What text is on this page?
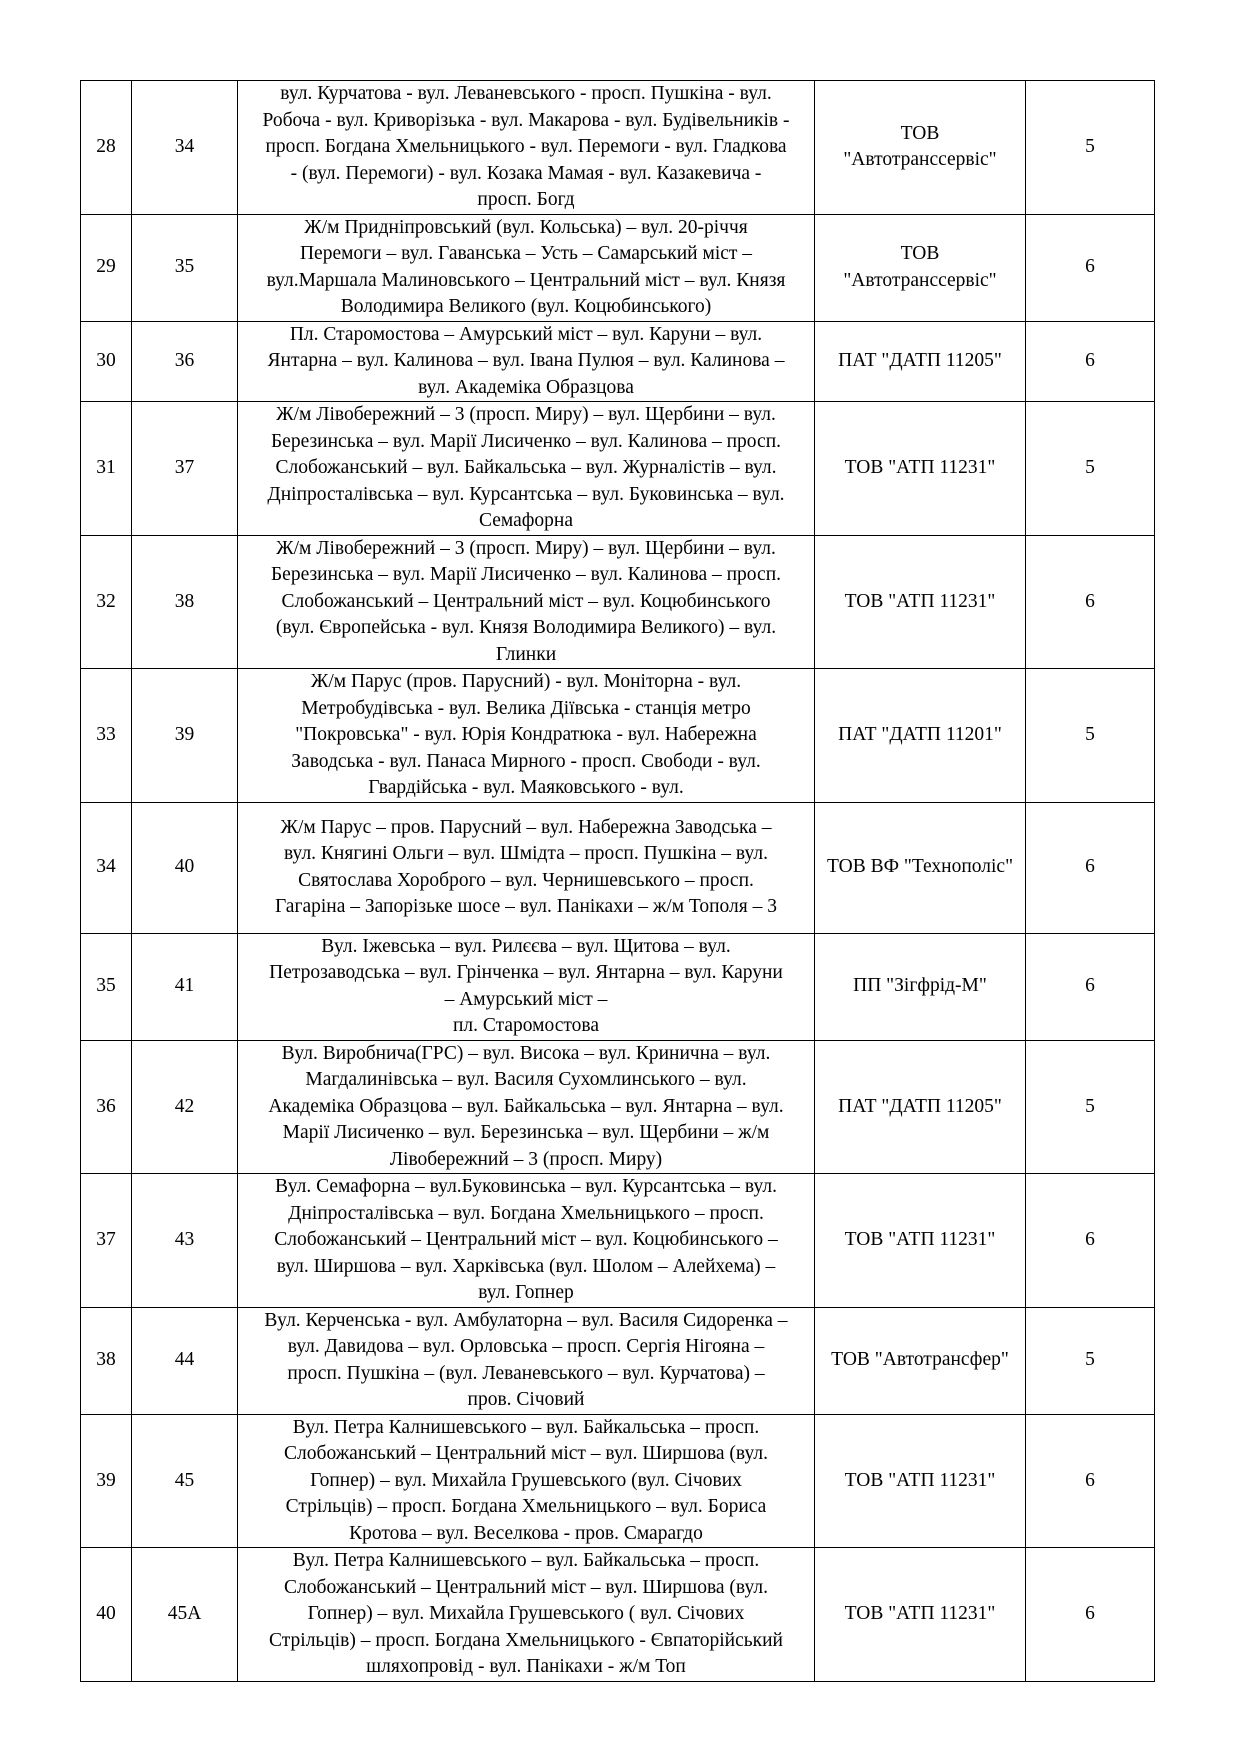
28	34	вул. Курчатова - вул. Леваневського - просп. Пушкіна - вул.
Робоча - вул. Криворізька - вул. Макарова - вул. Будівельників -
просп. Богдана Хмельницького - вул. Перемоги - вул. Гладкова
- (вул. Перемоги) - вул. Козака Мамая - вул. Казакевича -
просп. Богд	ТОВ
"Автотранссервіс"	5
29	35	Ж/м Придніпровський (вул. Кольська) – вул. 20-річчя
Перемоги – вул. Гаванська – Усть – Самарський міст –
вул.Маршала Малиновського – Центральний міст – вул. Князя
Володимира Великого (вул. Коцюбинського)	ТОВ
"Автотранссервіс"	6
30	36	Пл. Старомостова – Амурський міст – вул. Каруни – вул.
Янтарна – вул. Калинова – вул. Івана Пулюя – вул. Калинова –
вул. Академіка Образцова	ПАТ "ДАТП 11205"	6
31	37	Ж/м Лівобережний – 3 (просп. Миру) – вул. Щербини – вул.
Березинська – вул. Марії Лисиченко – вул. Калинова – просп.
Слобожанський – вул. Байкальська – вул. Журналістів – вул.
Дніпросталівська – вул. Курсантська – вул. Буковинська – вул.
Семафорна	ТОВ "АТП 11231"	5
32	38	Ж/м Лівобережний – 3 (просп. Миру) – вул. Щербини – вул.
Березинська – вул. Марії Лисиченко – вул. Калинова – просп.
Слобожанський – Центральний міст – вул. Коцюбинського
(вул. Європейська - вул. Князя Володимира Великого) – вул.
Глинки	ТОВ "АТП 11231"	6
33	39	Ж/м Парус (пров. Парусний) - вул. Моніторна - вул.
Метробудівська - вул. Велика Діївська - станція метро
"Покровська" - вул. Юрія Кондратюка - вул. Набережна
Заводська - вул. Панаса Мирного - просп. Свободи - вул.
Гвардійська - вул. Маяковського - вул.	ПАТ "ДАТП 11201"	5
34	40	Ж/м Парус – пров. Парусний – вул. Набережна Заводська –
вул. Княгині Ольги – вул. Шмідта – просп. Пушкіна – вул.
Святослава Хороброго – вул. Чернишевського – просп.
Гагаріна – Запорізьке шосе – вул. Панікахи – ж/м Тополя – 3	ТОВ ВФ "Технополіс"	6
35	41	Вул. Іжевська – вул. Рилєєва – вул. Щитова – вул.
Петрозаводська – вул. Грінченка – вул. Янтарна – вул. Каруни
– Амурський міст –
пл. Старомостова	ПП "Зігфрід-М"	6
36	42	Вул. Виробнича(ГРС) – вул. Висока – вул. Кринична – вул.
Магдалинівська – вул. Василя Сухомлинського – вул.
Академіка Образцова – вул. Байкальська – вул. Янтарна – вул.
Марії Лисиченко – вул. Березинська – вул. Щербини – ж/м
Лівобережний – 3 (просп. Миру)	ПАТ "ДАТП 11205"	5
37	43	Вул. Семафорна – вул.Буковинська – вул. Курсантська – вул.
Дніпросталівська – вул. Богдана Хмельницького – просп.
Слобожанський – Центральний міст – вул. Коцюбинського –
вул. Ширшова – вул. Харківська (вул. Шолом – Алейхема) –
вул. Гопнер	ТОВ "АТП 11231"	6
38	44	Вул. Керченська - вул. Амбулаторна – вул. Василя Сидоренка –
вул. Давидова – вул. Орловська – просп. Сергія Нігояна –
просп. Пушкіна – (вул. Леваневського – вул. Курчатова) –
пров. Січовий	ТОВ "Автотрансфер"	5
39	45	Вул. Петра Калнишевського – вул. Байкальська – просп.
Слобожанський – Центральний міст – вул. Ширшова (вул.
Гопнер) – вул. Михайла Грушевського (вул. Січових
Стрільців) – просп. Богдана Хмельницького – вул. Бориса
Кротова – вул. Веселкова - пров. Смарагдо	ТОВ "АТП 11231"	6
40	45А	Вул. Петра Калнишевського – вул. Байкальська – просп.
Слобожанський – Центральний міст – вул. Ширшова (вул.
Гопнер) – вул. Михайла Грушевського ( вул. Січових
Стрільців) – просп. Богдана Хмельницького - Євпаторійський
шляхопровід - вул. Панікахи - ж/м Топ	ТОВ "АТП 11231"	6
